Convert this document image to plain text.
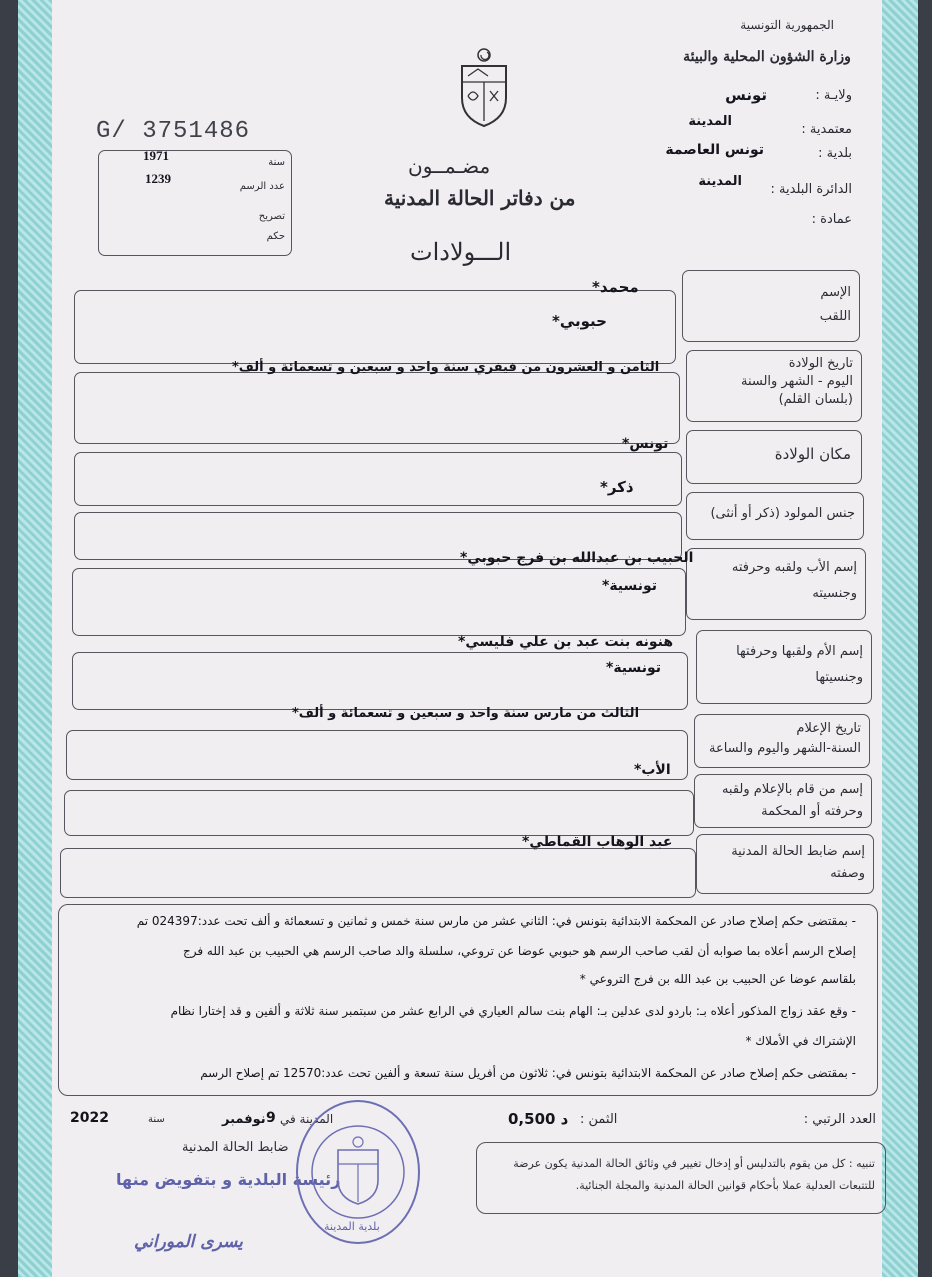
الجمهورية التونسية
وزارة الشؤون المحلية والبيئة
ولايـة :
تونس
معتمدية :
المدينة
بلدية :
تونس العاصمة
الدائرة البلدية :
المدينة
عمادة :
مضـمــون
من دفاتر الحالة المدنية
الـــولادات
G/ 3751486
سنة
1971
عدد الرسم
1239
تصريح
حكم
الإسم
اللقب
محمد*
حبوبي*
تاريخ الولادة
اليوم - الشهر والسنة
(بلسان القلم)
الثامن و العشرون من فيفري سنة واحد و سبعين و تسعمائة و ألف*
مكان الولادة
تونس*
جنس المولود (ذكر أو أنثى)
ذكر*
إسم الأب ولقبه وحرفته
وجنسيته
الحبيب بن عبدالله بن فرج حبوبي*
تونسية*
إسم الأم ولقبها وحرفتها
وجنسيتها
هنونه بنت عبد بن علي فليسي*
تونسية*
تاريخ الإعلام
السنة-الشهر واليوم والساعة
الثالث من مارس سنة واحد و سبعين و تسعمائة و ألف*
إسم من قام بالإعلام ولقبه
وحرفته أو المحكمة
الأب*
إسم ضابط الحالة المدنية
وصفته
عبد الوهاب القماطي*
- بمقتضى حكم إصلاح صادر عن المحكمة الابتدائية بتونس في: الثاني عشر من مارس سنة خمس و ثمانين و تسعمائة و ألف تحت عدد:024397 تم
إصلاح الرسم أعلاه بما صوابه أن لقب صاحب الرسم هو حبوبي عوضا عن تروعي، سلسلة والد صاحب الرسم هي الحبيب بن عبد الله فرج
بلقاسم عوضا عن الحبيب بن عبد الله بن فرج التروعي *
- وقع عقد زواج المذكور أعلاه بـ: باردو لدى عدلين بـ: الهام بنت سالم العياري في الرابع عشر من سبتمبر سنة ثلاثة و ألفين و قد إختارا نظام
الإشتراك في الأملاك *
- بمقتضى حكم إصلاح صادر عن المحكمة الابتدائية بتونس في: ثلاثون من أفريل سنة تسعة و ألفين تحت عدد:12570 تم إصلاح الرسم
العدد الرتبي :
الثمن :
0,500 د
سنة
2022	نوفمبر 9 المدينة في
ضابط الحالة المدنية
رئيسة البلدية و بتفويض منها
يسرى الموراني
بلدية المدينة
تنبيه : كل من يقوم بالتدليس أو إدخال تغيير في وثائق الحالة المدنية يكون عرضة للتتبعات العدلية عملا بأحكام قوانين الحالة المدنية والمجلة الجنائية.
